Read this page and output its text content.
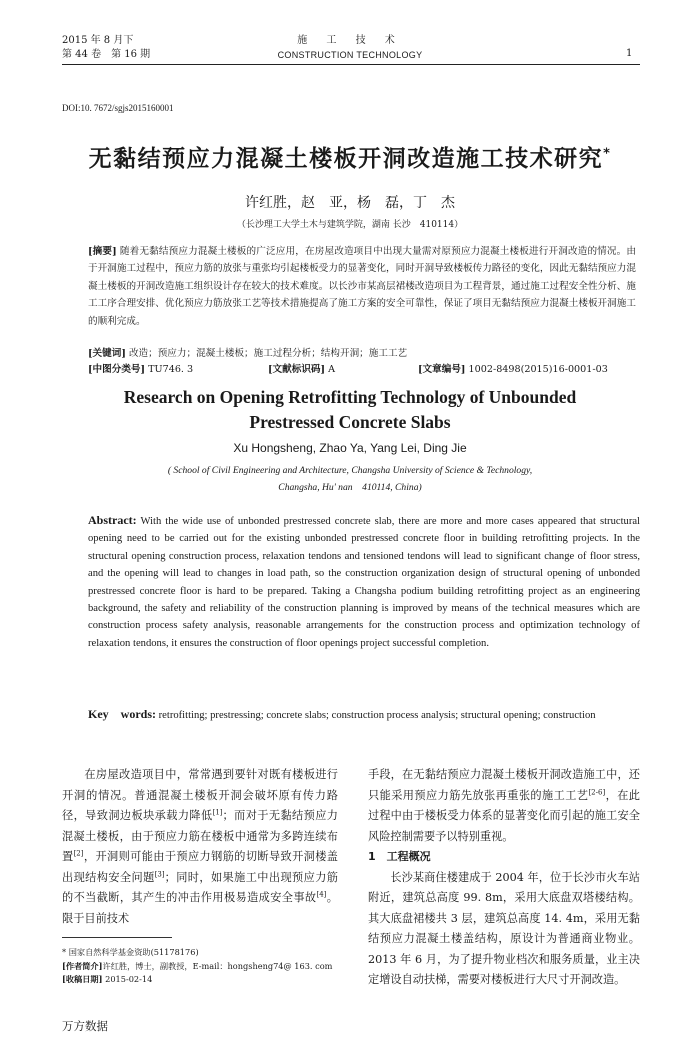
2015 年 8 月下
第 44 卷　第 16 期
施 工 技 术
CONSTRUCTION TECHNOLOGY	1
DOI:10. 7672/sgjs2015160001
无黏结预应力混凝土楼板开洞改造施工技术研究*
许红胜，赵　亚，杨　磊，丁　杰
（长沙理工大学土木与建筑学院，湖南 长沙　410114）
[摘要] 随着无黏结预应力混凝土楼板的广泛应用，在房屋改造项目中出现大量需对原预应力混凝土楼板进行开洞改造的情况。由于开洞施工过程中，预应力筋的放张与重张均引起楼板受力的显著变化，同时开洞导致楼板传力路径的变化，因此无黏结预应力混凝土楼板的开洞改造施工组织设计存在较大的技术难度。以长沙市某高层裙楼改造项目为工程背景，通过施工过程安全性分析、施工工序合理安排、优化预应力筋放张工艺等技术措施提高了施工方案的安全可靠性，保证了项目无黏结预应力混凝土楼板开洞施工的顺利完成。
[关键词] 改造；预应力；混凝土楼板；施工过程分析；结构开洞；施工工艺
[中图分类号] TU746. 3	[文献标识码] A	[文章编号] 1002-8498(2015)16-0001-03
Research on Opening Retrofitting Technology of Unbounded
Prestressed Concrete Slabs
Xu Hongsheng, Zhao Ya, Yang Lei, Ding Jie
( School of Civil Engineering and Architecture, Changsha University of Science & Technology,
Changsha, Hu' nan　410114, China)
Abstract: With the wide use of unbonded prestressed concrete slab, there are more and more cases appeared that structural opening need to be carried out for the existing unbonded prestressed concrete floor in building retrofitting projects. In the structural opening construction process, relaxation tendons and tensioned tendons will lead to significant change of floor stress, and the opening will lead to changes in load path, so the construction organization design of structural opening of unbonded prestressed concrete floor is hard to be prepared. Taking a Changsha podium building retrofitting project as an engineering background, the safety and reliability of the construction planning is improved by means of the technical measures which are construction process safety analysis, reasonable arrangements for the construction process and optimization technology of relaxation tendons, it ensures the construction of floor openings project successful completion.
Key　words: retrofitting; prestressing; concrete slabs; construction process analysis; structural opening; construction
在房屋改造项目中，常常遇到要针对既有楼板进行开洞的情况。普通混凝土楼板开洞会破坏原有传力路径，导致洞边板块承载力降低[1]；而对于无黏结预应力混凝土楼板，由于预应力筋在楼板中通常为多跨连续布置[2]，开洞则可能由于预应力钢筋的切断导致开洞楼盖出现结构安全问题[3]；同时，如果施工中出现预应力筋的不当截断，其产生的冲击作用极易造成安全事故[4]。限于目前技术
手段，在无黏结预应力混凝土楼板开洞改造施工中，还只能采用预应力筋先放张再重张的施工工艺[2-6]，在此过程中由于楼板受力体系的显著变化而引起的施工安全风险控制需要予以特别重视。
1　工程概况
长沙某商住楼建成于 2004 年，位于长沙市火车站附近，建筑总高度 99. 8m，采用大底盘双塔楼结构。其大底盘裙楼共 3 层，建筑总高度 14. 4m，采用无黏结预应力混凝土楼盖结构，原设计为普通商业物业。2013 年 6 月，为了提升物业档次和服务质量，业主决定增设自动扶梯，需要对楼板进行大尺寸开洞改造。
* 国家自然科学基金资助(51178176)
[作者简介]许红胜，博士，副教授，E-mail：hongsheng74@ 163. com
[收稿日期] 2015-02-14
万方数据
